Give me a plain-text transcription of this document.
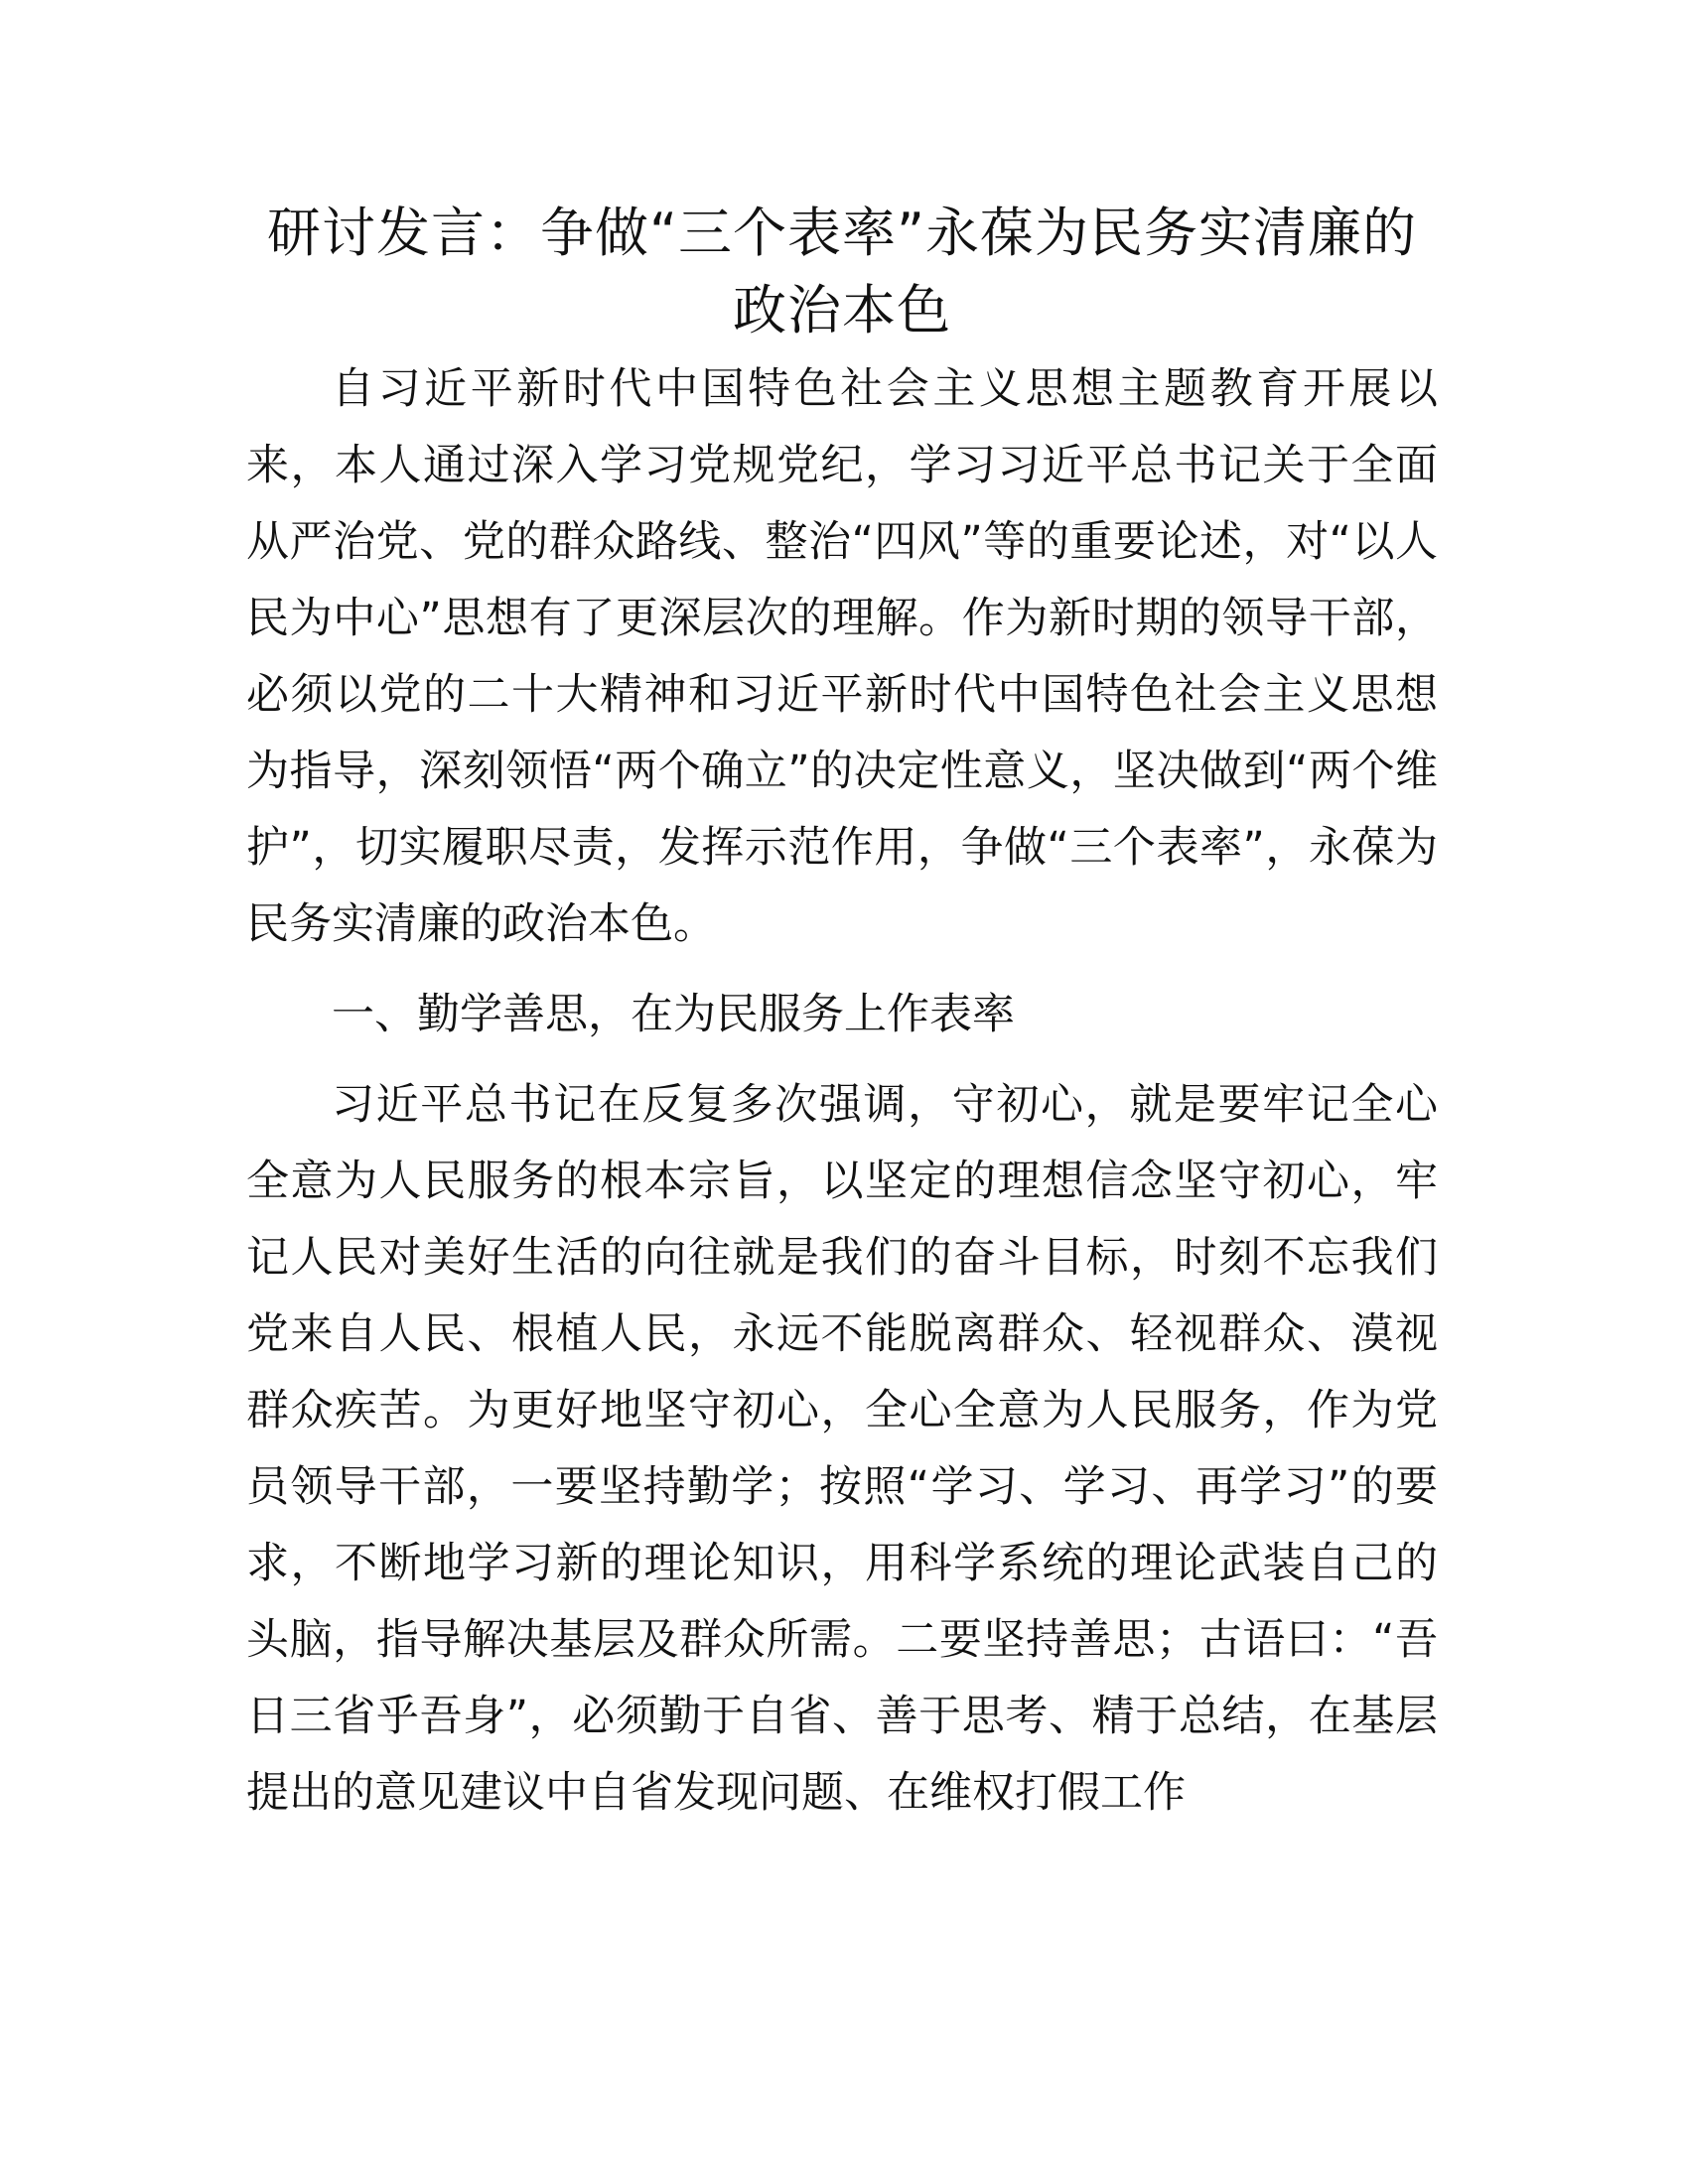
研讨发言：争做“三个表率”永葆为民务实清廉的政治本色

自习近平新时代中国特色社会主义思想主题教育开展以来，本人通过深入学习党规党纪，学习习近平总书记关于全面从严治党、党的群众路线、整治“四风”等的重要论述，对“以人民为中心”思想有了更深层次的理解。作为新时期的领导干部，必须以党的二十大精神和习近平新时代中国特色社会主义思想为指导，深刻领悟“两个确立”的决定性意义，坚决做到“两个维护”，切实履职尽责，发挥示范作用，争做“三个表率”，永葆为民务实清廉的政治本色。

一、勤学善思，在为民服务上作表率

习近平总书记在反复多次强调，守初心，就是要牢记全心全意为人民服务的根本宗旨，以坚定的理想信念坚守初心，牢记人民对美好生活的向往就是我们的奋斗目标，时刻不忘我们党来自人民、根植人民，永远不能脱离群众、轻视群众、漠视群众疾苦。为更好地坚守初心，全心全意为人民服务，作为党员领导干部，一要坚持勤学；按照“学习、学习、再学习”的要求，不断地学习新的理论知识，用科学系统的理论武装自己的头脑，指导解决基层及群众所需。二要坚持善思；古语曰：“吾日三省乎吾身”，必须勤于自省、善于思考、精于总结，在基层提出的意见建议中自省发现问题、在维权打假工作
